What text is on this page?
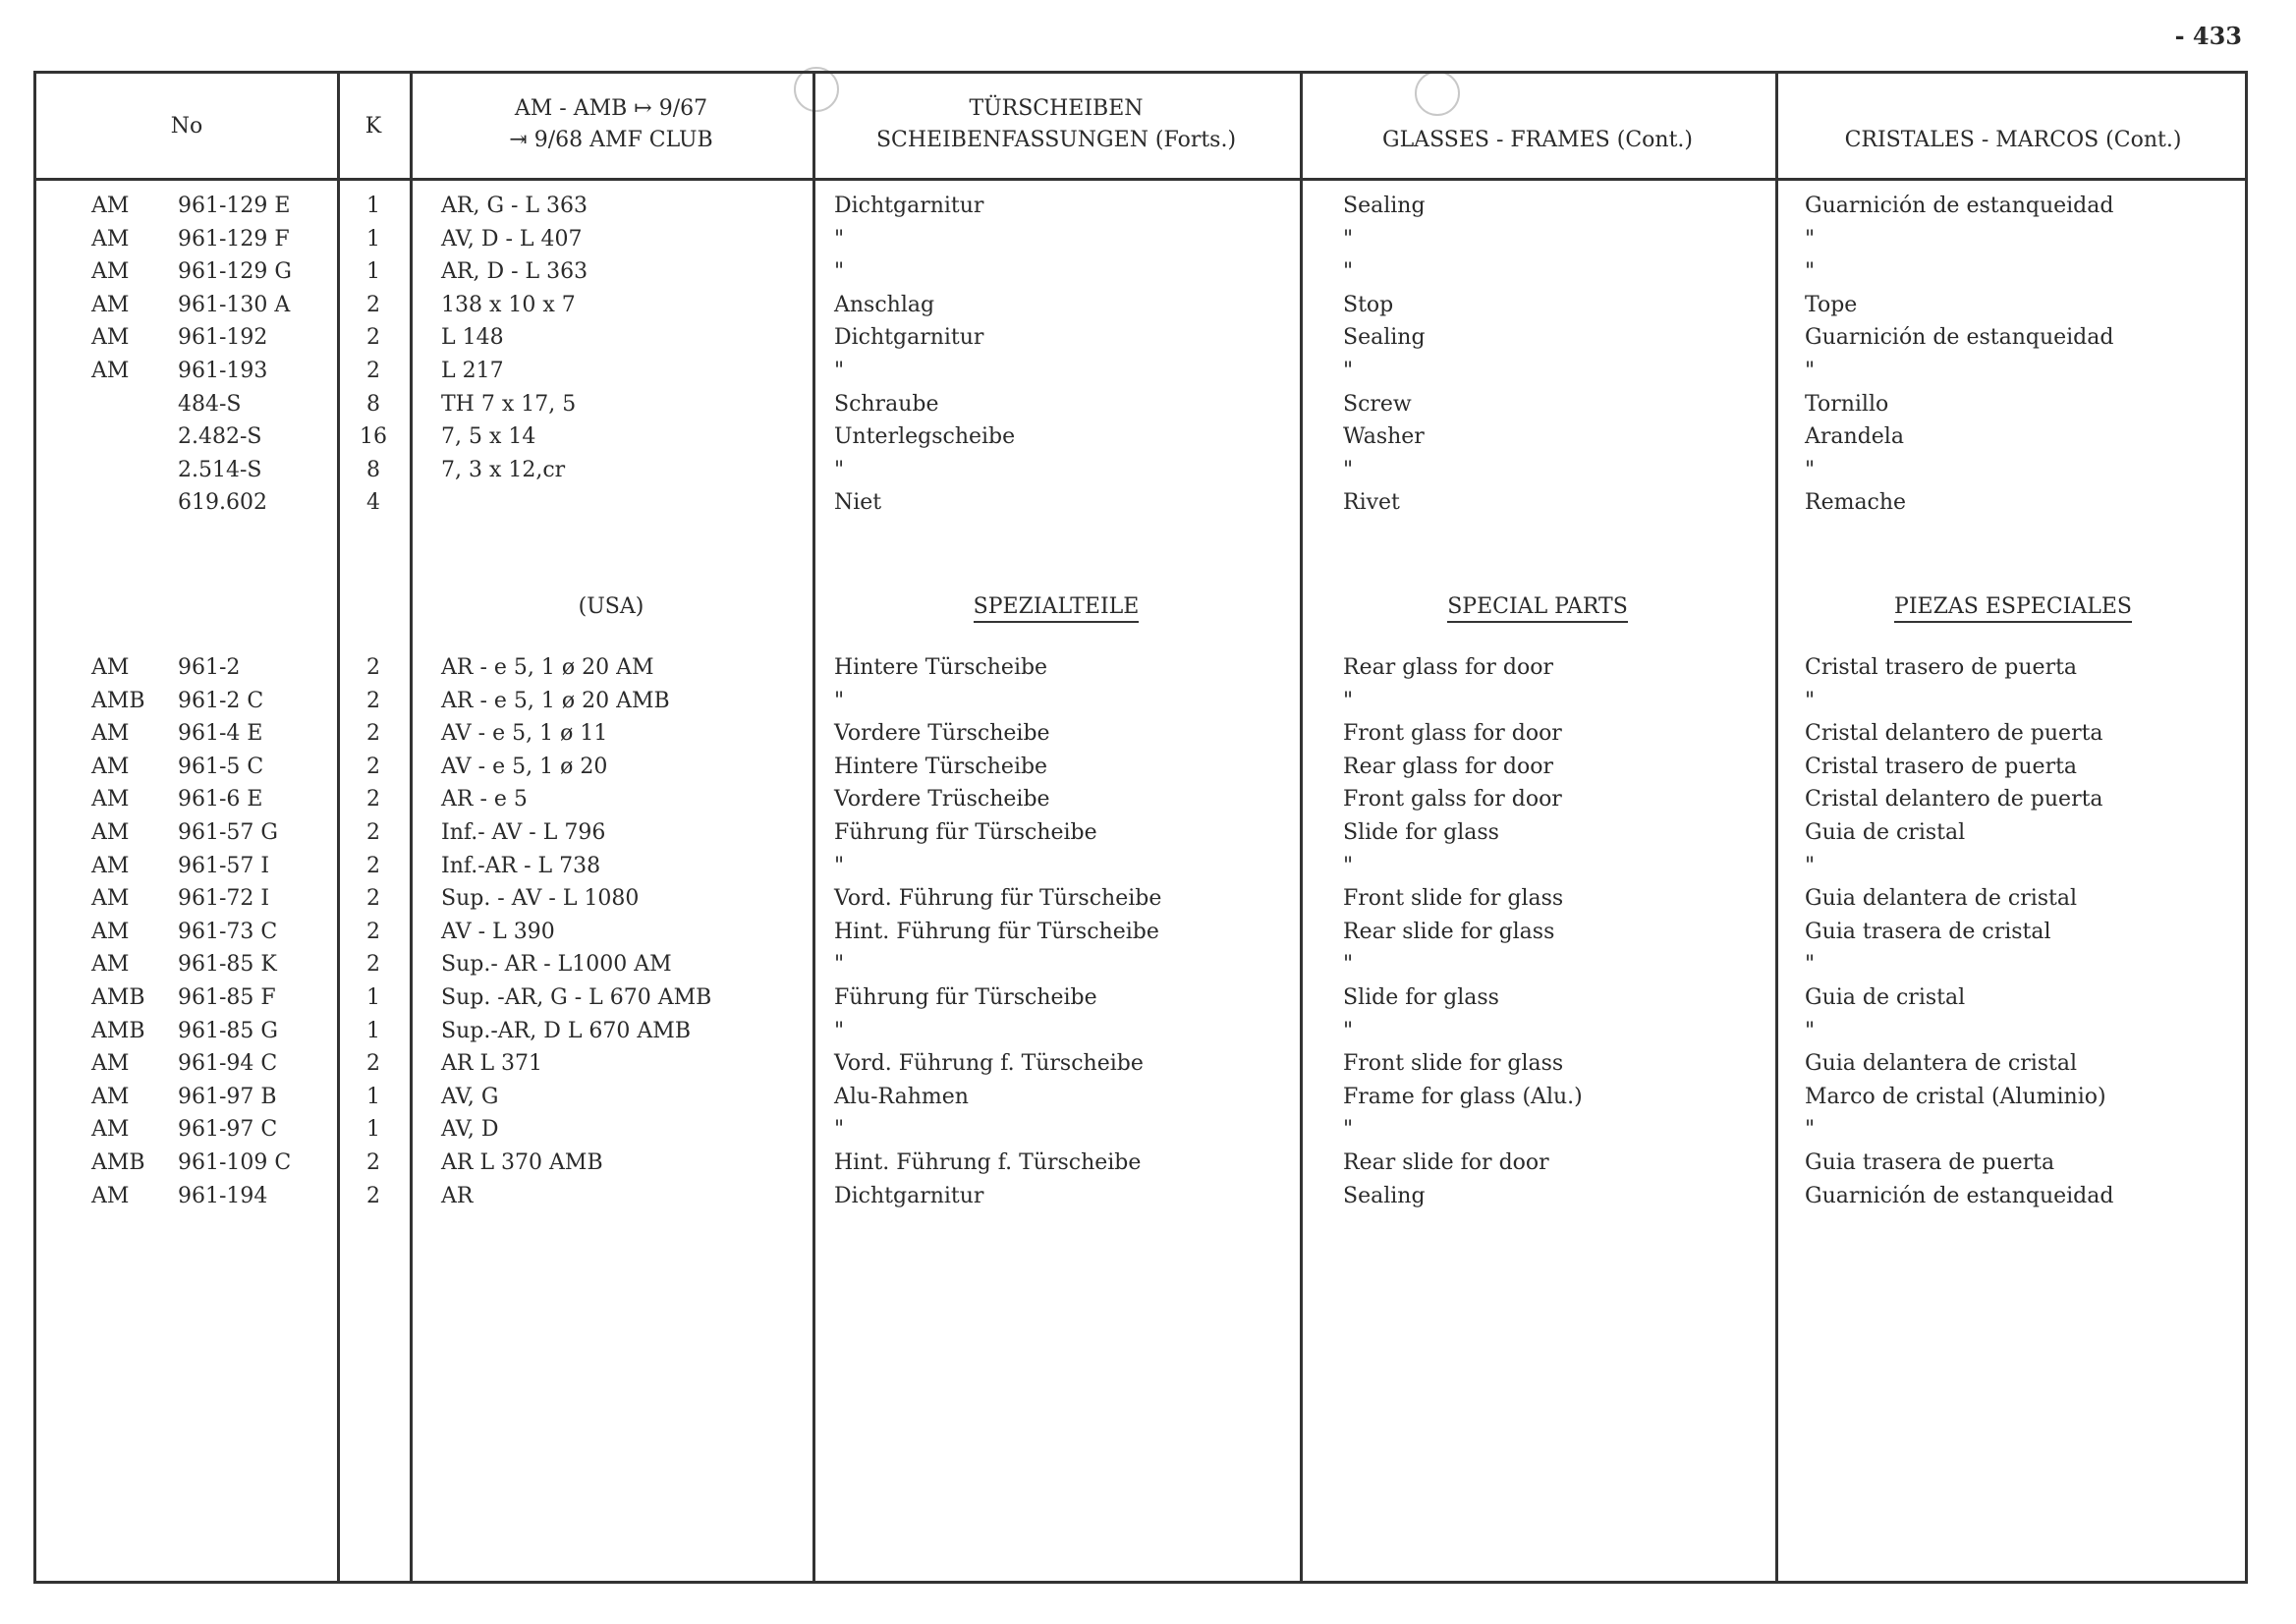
- 433
No	K
AM - AMB ↦ 9/67
⇥ 9/68 AMF CLUB
TÜRSCHEIBEN
SCHEIBENFASSUNGEN (Forts.)	GLASSES - FRAMES (Cont.)	CRISTALES - MARCOS (Cont.)
AM 961-129 E	1	AR, G - L 363	Dichtgarnitur	Sealing	Guarnición de estanqueidad
AM 961-129 F	1	AV, D - L 407	"	"	"
AM 961-129 G	1	AR, D - L 363	"	"	"
AM 961-130 A	2	138 x 10 x 7	Anschlag	Stop	Tope
AM 961-192	2	L 148	Dichtgarnitur	Sealing	Guarnición de estanqueidad
AM 961-193	2	L 217	"	"	"
484-S	8	TH 7 x 17, 5	Schraube	Screw	Tornillo
2.482-S	16	7, 5 x 14	Unterlegscheibe	Washer	Arandela
2.514-S	8	7, 3 x 12,cr	"	"	"
619.602	4	Niet	Rivet	Remache
(USA)	SPEZIALTEILE	SPECIAL PARTS	PIEZAS ESPECIALES
AM 961-2	2	AR - e 5, 1 ø 20 AM	Hintere Türscheibe	Rear glass for door	Cristal trasero de puerta
AMB 961-2 C	2	AR - e 5, 1 ø 20 AMB	"	"	"
AM 961-4 E	2	AV - e 5, 1 ø 11	Vordere Türscheibe	Front glass for door	Cristal delantero de puerta
AM 961-5 C	2	AV - e 5, 1 ø 20	Hintere Türscheibe	Rear glass for door	Cristal trasero de puerta
AM 961-6 E	2	AR - e 5	Vordere Trüscheibe	Front galss for door	Cristal delantero de puerta
AM 961-57 G	2	Inf.- AV - L 796	Führung für Türscheibe	Slide for glass	Guia de cristal
AM 961-57 I	2	Inf.-AR - L 738	"	"	"
AM 961-72 I	2	Sup. - AV - L 1080	Vord. Führung für Türscheibe	Front slide for glass	Guia delantera de cristal
AM 961-73 C	2	AV - L 390	Hint. Führung für Türscheibe	Rear slide for glass	Guia trasera de cristal
AM 961-85 K	2	Sup.- AR - L1000 AM	"	"	"
AMB 961-85 F	1	Sup. -AR, G - L 670 AMB	Führung für Türscheibe	Slide for glass	Guia de cristal
AMB 961-85 G	1	Sup.-AR, D L 670 AMB	"	"	"
AM 961-94 C	2	AR L 371	Vord. Führung f. Türscheibe	Front slide for glass	Guia delantera de cristal
AM 961-97 B	1	AV, G	Alu-Rahmen	Frame for glass (Alu.)	Marco de cristal (Aluminio)
AM 961-97 C	1	AV, D	"	"	"
AMB 961-109 C	2	AR L 370 AMB	Hint. Führung f. Türscheibe	Rear slide for door	Guia trasera de puerta
AM 961-194	2	AR	Dichtgarnitur	Sealing	Guarnición de estanqueidad
